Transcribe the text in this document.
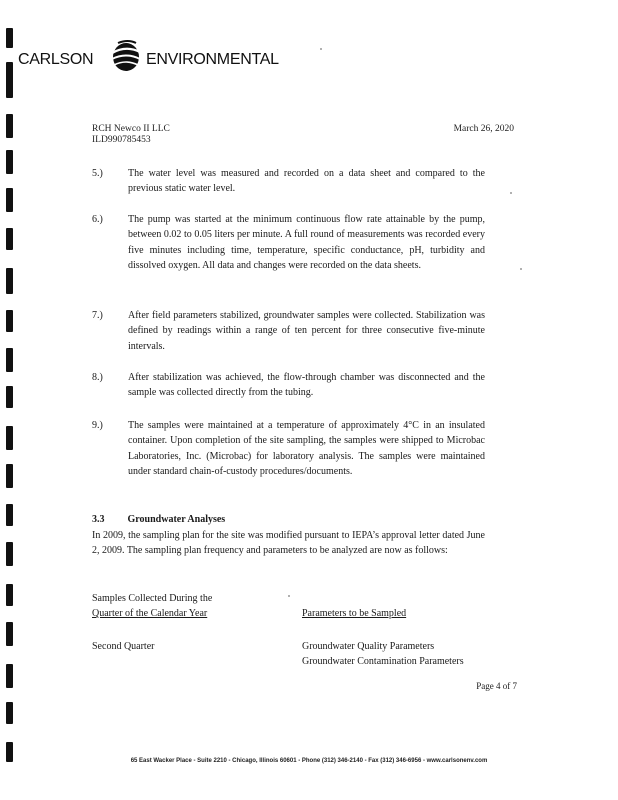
CARLSON	ENVIRONMENTAL
RCH Newco II LLC
ILD990785453
March 26, 2020
5.)	The water level was measured and recorded on a data sheet and compared to the previous static water level.
6.)	The pump was started at the minimum continuous flow rate attainable by the pump, between 0.02 to 0.05 liters per minute. A full round of measurements was recorded every five minutes including time, temperature, specific conductance, pH, turbidity and dissolved oxygen. All data and changes were recorded on the data sheets.
7.)	After field parameters stabilized, groundwater samples were collected. Stabilization was defined by readings within a range of ten percent for three consecutive five-minute intervals.
8.)	After stabilization was achieved, the flow-through chamber was disconnected and the sample was collected directly from the tubing.
9.)	The samples were maintained at a temperature of approximately 4°C in an insulated container. Upon completion of the site sampling, the samples were shipped to Microbac Laboratories, Inc. (Microbac) for laboratory analysis. The samples were maintained under standard chain-of-custody procedures/documents.
3.3 Groundwater Analyses
In 2009, the sampling plan for the site was modified pursuant to IEPA’s approval letter dated June 2, 2009. The sampling plan frequency and parameters to be analyzed are now as follows:
Samples Collected During the
Quarter of the Calendar Year	Parameters to be Sampled
Second Quarter	Groundwater Quality Parameters
Groundwater Contamination Parameters
Page 4 of 7
65 East Wacker Place - Suite 2210 - Chicago, Illinois 60601 - Phone (312) 346-2140 - Fax (312) 346-6956 - www.carlsonenv.com
